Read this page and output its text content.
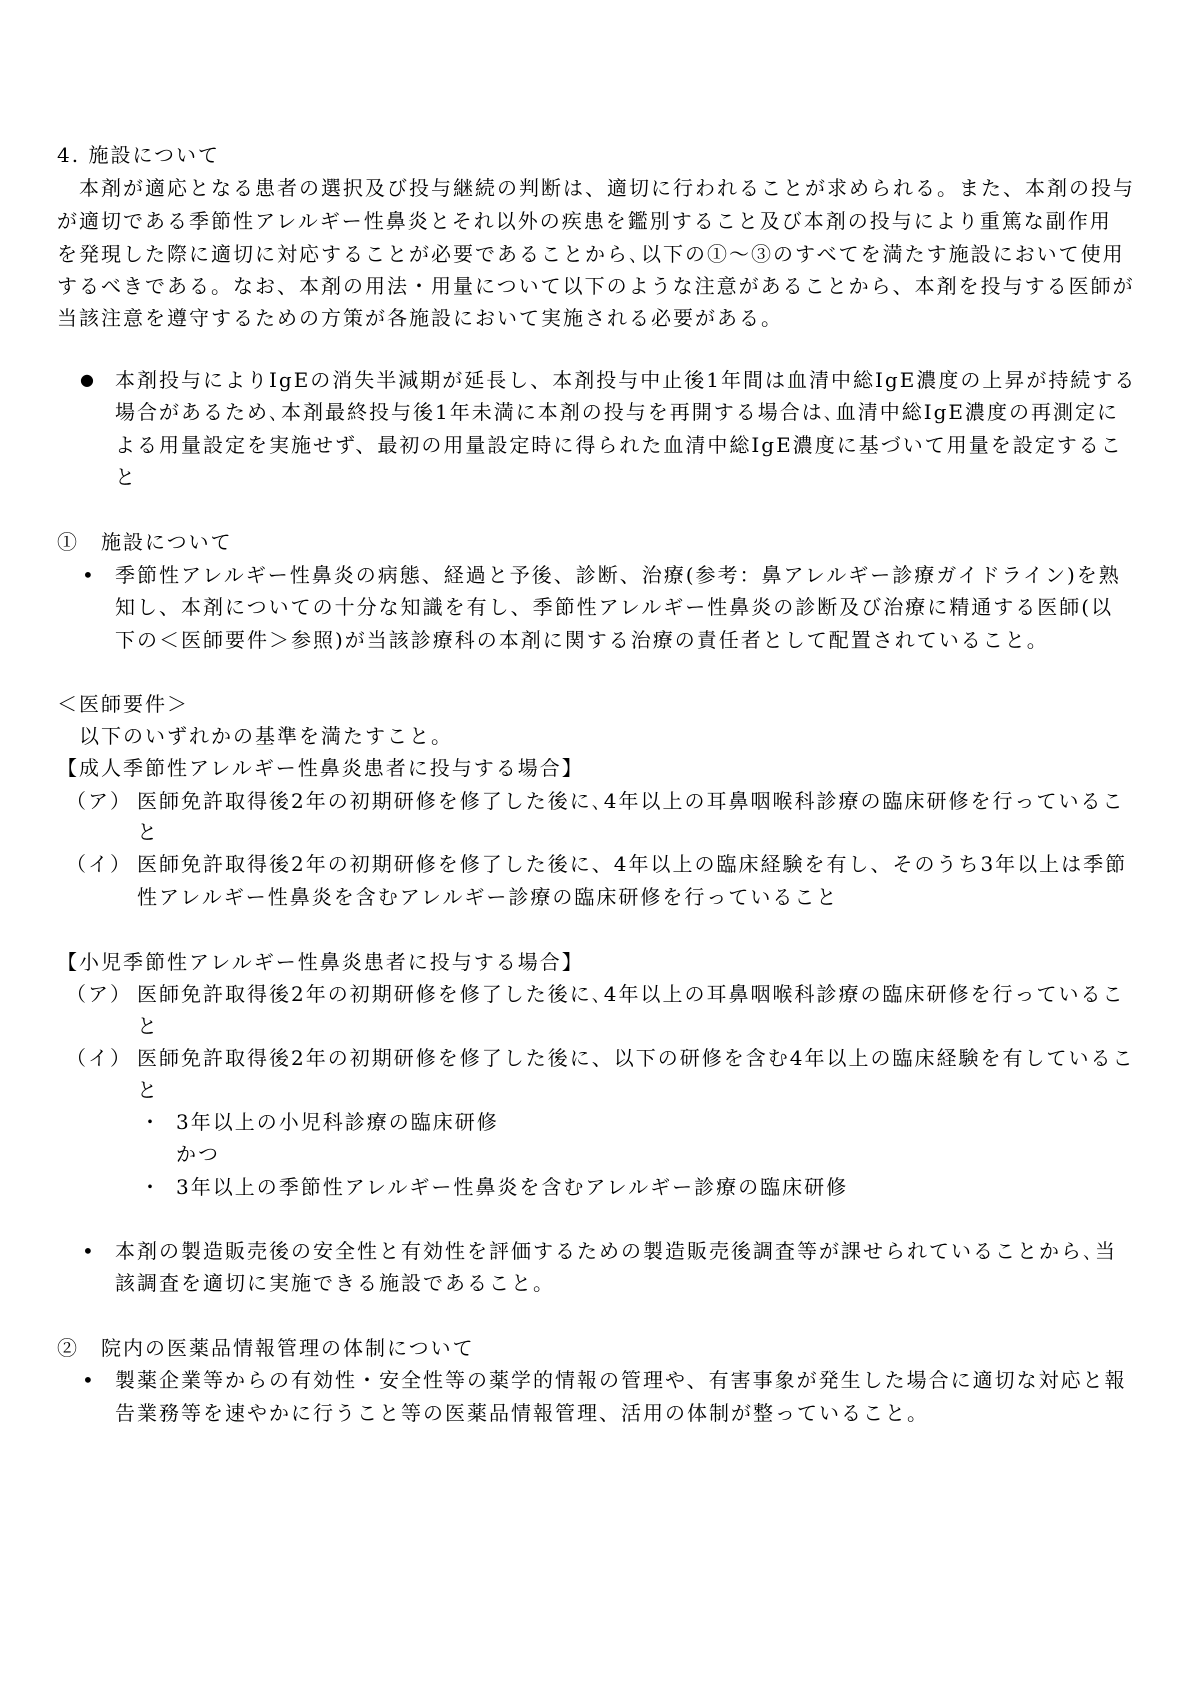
4. 施設について
　本剤が適応となる患者の選択及び投与継続の判断は、適切に行われることが求められる。また、本剤の投与
が適切である季節性アレルギー性鼻炎とそれ以外の疾患を鑑別すること及び本剤の投与により重篤な副作用
を発現した際に適切に対応することが必要であることから､以下の①～③のすべてを満たす施設において使用
するべきである。なお、本剤の用法・用量について以下のような注意があることから、本剤を投与する医師が
当該注意を遵守するための方策が各施設において実施される必要がある。
● 本剤投与によりIgEの消失半減期が延長し、本剤投与中止後1年間は血清中総IgE濃度の上昇が持続する
場合があるため､本剤最終投与後1年未満に本剤の投与を再開する場合は､血清中総IgE濃度の再測定に
よる用量設定を実施せず、最初の用量設定時に得られた血清中総IgE濃度に基づいて用量を設定するこ
と
①　施設について
• 季節性アレルギー性鼻炎の病態、経過と予後、診断、治療(参考：鼻アレルギー診療ガイドライン)を熟
知し、本剤についての十分な知識を有し、季節性アレルギー性鼻炎の診断及び治療に精通する医師(以
下の＜医師要件＞参照)が当該診療科の本剤に関する治療の責任者として配置されていること。
＜医師要件＞
　以下のいずれかの基準を満たすこと。
【成人季節性アレルギー性鼻炎患者に投与する場合】
（ア） 医師免許取得後2年の初期研修を修了した後に､4年以上の耳鼻咽喉科診療の臨床研修を行っているこ
と
（イ） 医師免許取得後2年の初期研修を修了した後に、4年以上の臨床経験を有し、そのうち3年以上は季節
性アレルギー性鼻炎を含むアレルギー診療の臨床研修を行っていること
【小児季節性アレルギー性鼻炎患者に投与する場合】
（ア） 医師免許取得後2年の初期研修を修了した後に､4年以上の耳鼻咽喉科診療の臨床研修を行っているこ
と
（イ） 医師免許取得後2年の初期研修を修了した後に、以下の研修を含む4年以上の臨床経験を有しているこ
と
・ 3年以上の小児科診療の臨床研修
かつ
・ 3年以上の季節性アレルギー性鼻炎を含むアレルギー診療の臨床研修
• 本剤の製造販売後の安全性と有効性を評価するための製造販売後調査等が課せられていることから､当
該調査を適切に実施できる施設であること。
②　院内の医薬品情報管理の体制について
• 製薬企業等からの有効性・安全性等の薬学的情報の管理や、有害事象が発生した場合に適切な対応と報
告業務等を速やかに行うこと等の医薬品情報管理、活用の体制が整っていること。
